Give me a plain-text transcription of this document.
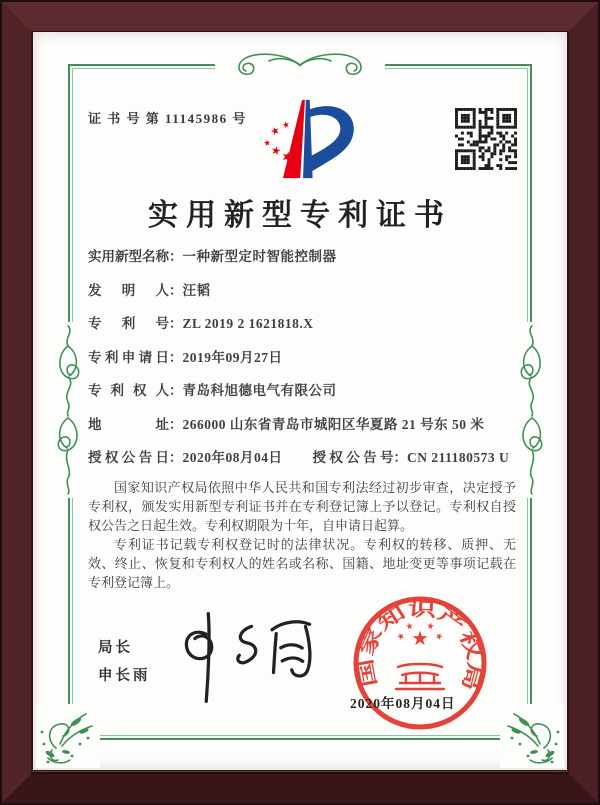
证 书 号 第 11145986 号	★
★
★
★
★
实用新型专利证书
实用新型名称：一种新型定时智能控制器
发明人：汪韬
专利号：ZL 2019 2 1621818.X
专利申请日：2019年09月27日
专利权人：青岛科旭德电气有限公司
地址：266000 山东省青岛市城阳区华夏路 21 号东 50 米
授权公告日：2020年08月04日 授权公告号：CN 211180573 U

国家知识产权局依照中华人民共和国专利法经过初步审查，决定授予专利权，颁发实用新型专利证书并在专利登记簿上予以登记。专利权自授权公告之日起生效。专利权期限为十年，自申请日起算。

专利证书记载专利权登记时的法律状况。专利权的转移、质押、无效、终止、恢复和专利权人的姓名或名称、国籍、地址变更等事项记载在专利登记簿上。

局长
申长雨	国家知识产权局
★
★
★ ★
★
2020年08月04日
